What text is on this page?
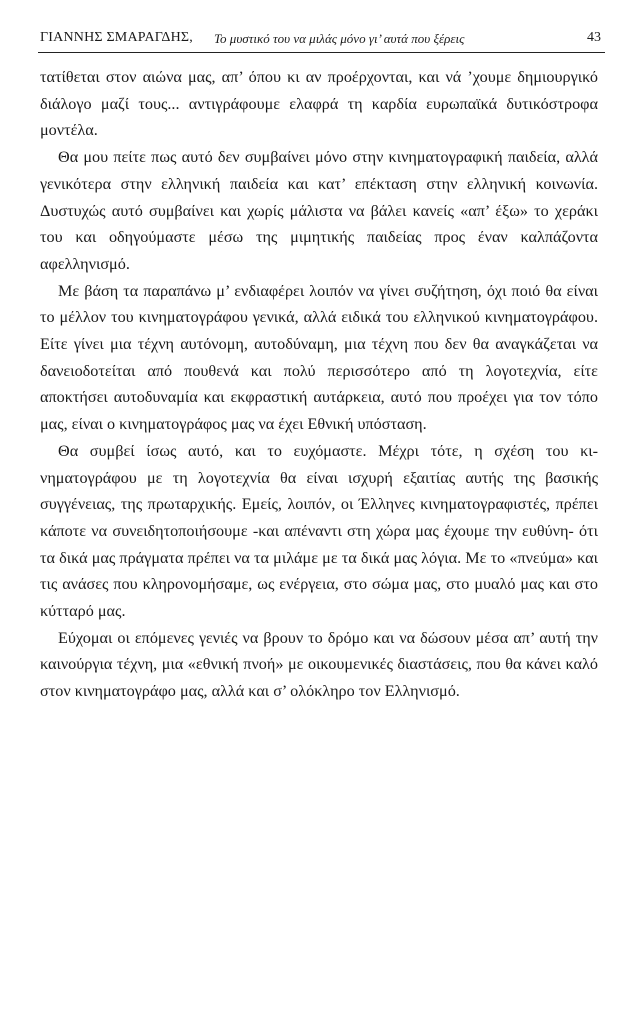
ΓΙΑΝΝΗΣ ΣΜΑΡΑΓΔΗΣ, Το μυστικό του να μιλάς μόνο γι’ αυτά που ξέρεις	43

τατίθεται στον αιώνα μας, απ’ όπου κι αν προέρχονται, και νά ’χουμε δημιουργικό διάλογο μαζί τους... αντιγράφουμε ελαφρά τη καρδία ευρωπαϊκά δυτικόστροφα μοντέλα.

Θα μου πείτε πως αυτό δεν συμβαίνει μόνο στην κινηματογραφική παιδεία, αλλά γενικότερα στην ελληνική παιδεία και κατ’ επέκταση στην ελληνική κοινωνία. Δυστυχώς αυτό συμβαίνει και χωρίς μάλιστα να βάλει κανείς «απ’ έξω» το χεράκι του και οδηγούμαστε μέσω της μιμητικής παιδείας προς έναν καλπάζοντα αφελληνισμό.

Με βάση τα παραπάνω μ’ ενδιαφέρει λοιπόν να γίνει συζήτηση, όχι ποιό θα είναι το μέλλον του κινηματογράφου γενικά, αλλά ειδικά του ελληνικού κινηματογράφου. Είτε γίνει μια τέχνη αυτόνομη, αυτοδύναμη, μια τέχνη που δεν θα αναγκάζεται να δανειοδοτείται από πουθενά και πολύ περισσότερο από τη λογοτεχνία, είτε αποκτήσει αυτοδυναμία και εκφραστική αυτάρκεια, αυτό που προέχει για τον τόπο μας, είναι ο κινηματογράφος μας να έχει Εθνική υπόσταση.

Θα συμβεί ίσως αυτό, και το ευχόμαστε. Μέχρι τότε, η σχέση του κινηματογράφου με τη λογοτεχνία θα είναι ισχυρή εξαιτίας αυτής της βασικής συγγένειας, της πρωταρχικής. Εμείς, λοιπόν, οι Έλληνες κινηματογραφιστές, πρέπει κάποτε να συνειδητοποιήσουμε -και απέναντι στη χώρα μας έχουμε την ευθύνη- ότι τα δικά μας πράγματα πρέπει να τα μιλάμε με τα δικά μας λόγια. Με το «πνεύμα» και τις ανάσες που κληρονομήσαμε, ως ενέργεια, στο σώμα μας, στο μυαλό μας και στο κύτταρό μας.

Εύχομαι οι επόμενες γενιές να βρουν το δρόμο και να δώσουν μέσα απ’ αυτή την καινούργια τέχνη, μια «εθνική πνοή» με οικουμενικές διαστάσεις, που θα κάνει καλό στον κινηματογράφο μας, αλλά και σ’ ολόκληρο τον Ελληνισμό.
